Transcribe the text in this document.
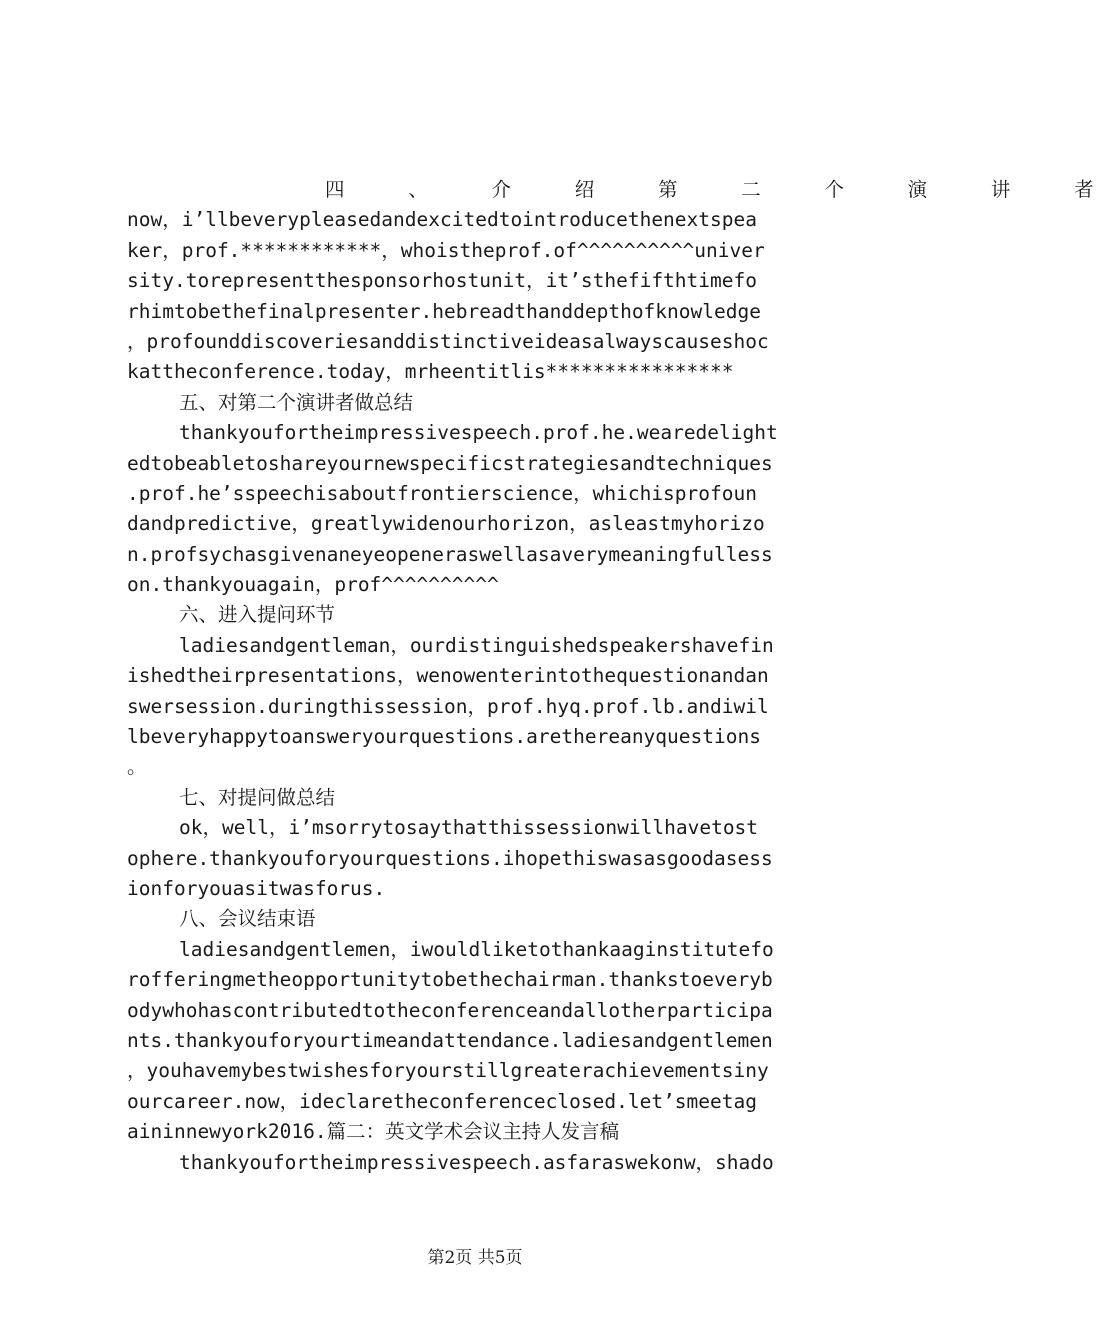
四 、 介 绍 第 二 个 演 讲 者
now，i’llbeverypleasedandexcitedtointroducethenextspea
ker，prof.************，whoistheprof.of^^^^^^^^^^univer
sity.torepresentthesponsorhostunit，it’sthefifthtimefo
rhimtobethefinalpresenter.hebreadthanddepthofknowledge
，profounddiscoveriesanddistinctiveideasalwayscauseshoc
kattheconference.today，mrheentitlis****************
五、对第二个演讲者做总结
thankyoufortheimpressivespeech.prof.he.wearedelight
edtobeabletoshareyournewspecificstrategiesandtechniques
.prof.he’sspeechisaboutfrontierscience，whichisprofoun
dandpredictive，greatlywidenourhorizon，asleastmyhorizo
n.profsychasgivenaneyeopeneraswellasaverymeaningfulless
on.thankyouagain，prof^^^^^^^^^^
六、进入提问环节
ladiesandgentleman，ourdistinguishedspeakershavefin
ishedtheirpresentations，wenowenterintothequestionandan
swersession.duringthissession，prof.hyq.prof.lb.andiwil
lbeveryhappytoansweryourquestions.arethereanyquestions
。
七、对提问做总结
ok，well，i’msorrytosaythatthissessionwillhavetost
ophere.thankyouforyourquestions.ihopethiswasasgoodasess
ionforyouasitwasforus.
八、会议结束语
ladiesandgentlemen，iwouldliketothankaaginstitutefo
rofferingmetheopportunitytobethechairman.thankstoeveryb
odywhohascontributedtotheconferenceandallotherparticipa
nts.thankyouforyourtimeandattendance.ladiesandgentlemen
，youhavemybestwishesforyourstillgreaterachievementsiny
ourcareer.now，ideclaretheconferenceclosed.let’smeetag
aininnewyork2016.篇二：英文学术会议主持人发言稿
thankyoufortheimpressivespeech.asfaraswekonw，shado
第2页 共5页
